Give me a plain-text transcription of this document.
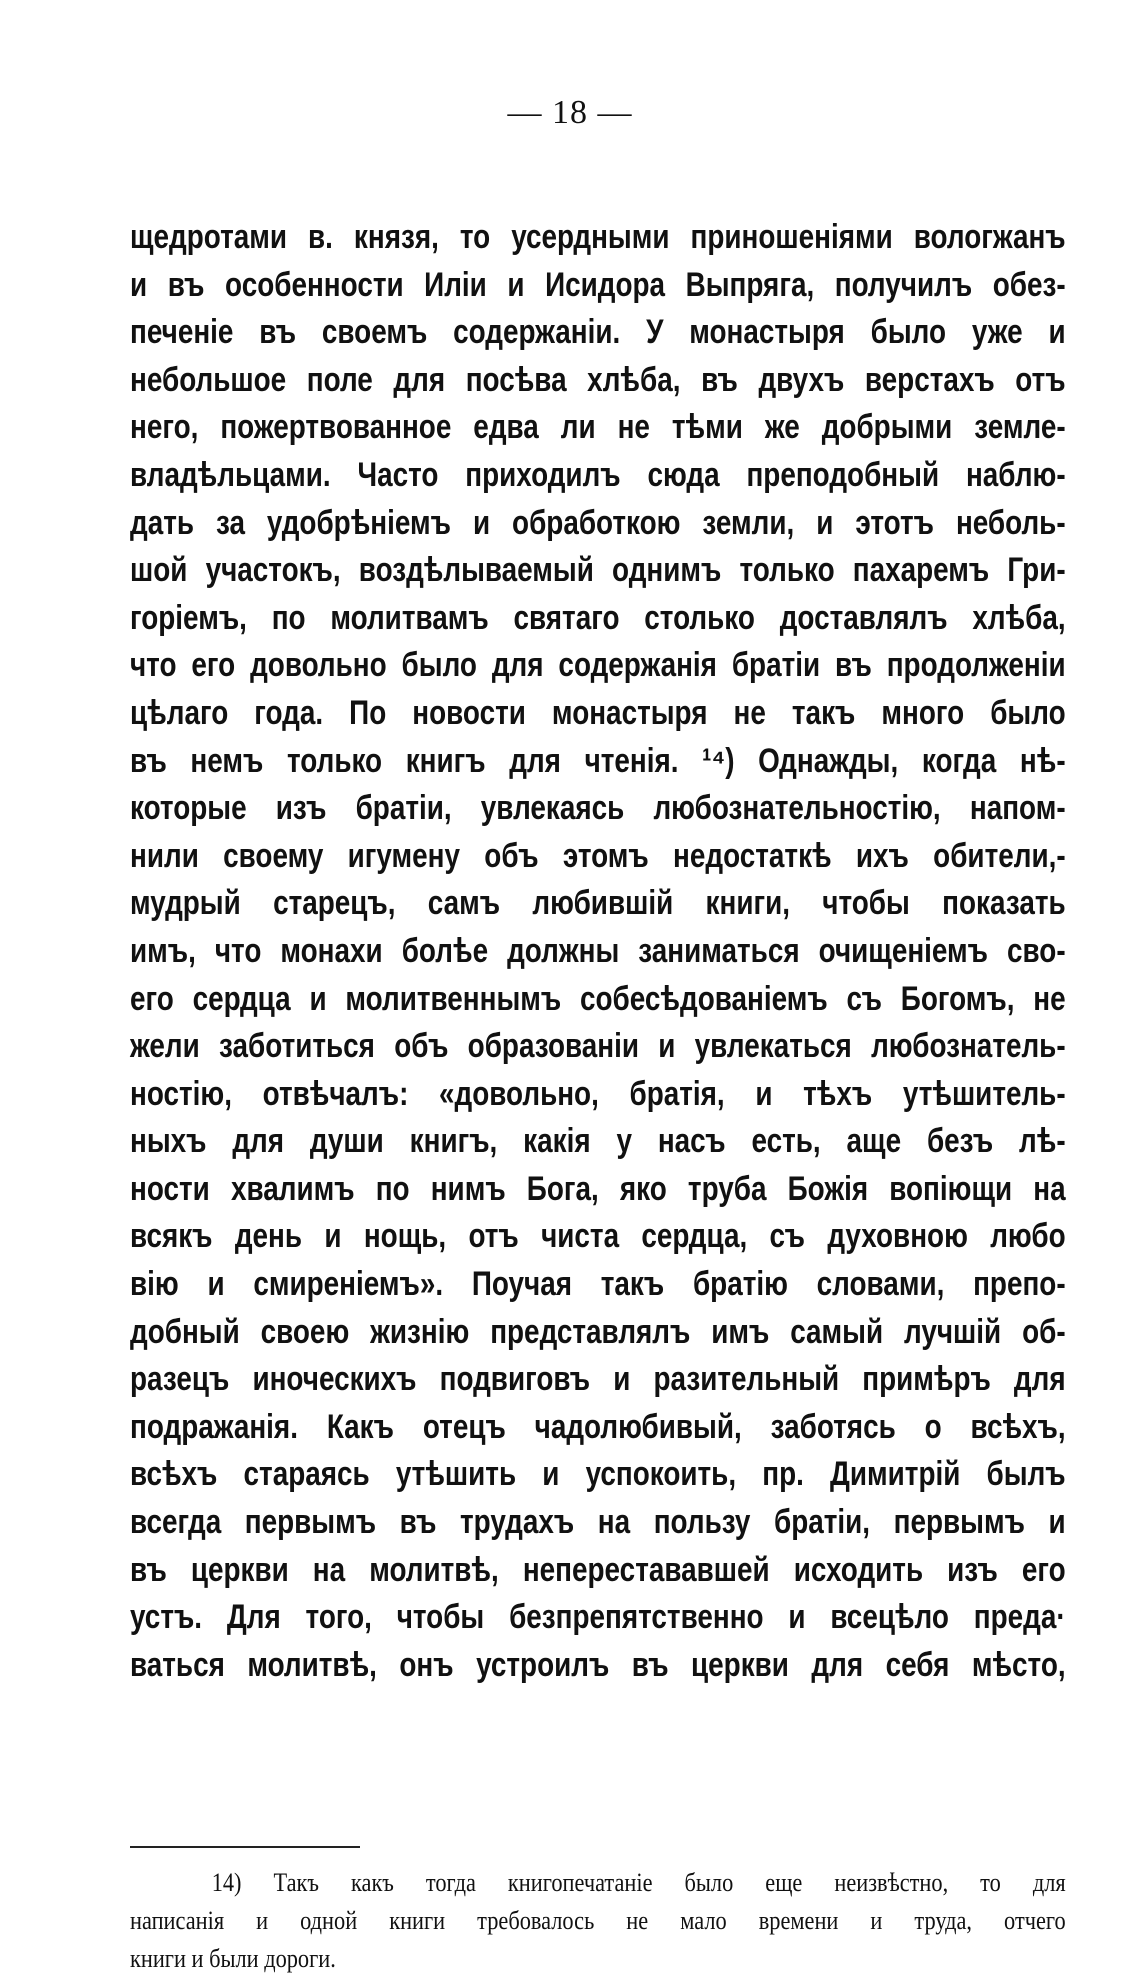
— 18 —
щедротами в. князя, то усердными приношеніями вологжанъ
и въ особенности Иліи и Исидора Выпряга, получилъ обез-
печеніе въ своемъ содержаніи. У монастыря было уже и
небольшое поле для посѣва хлѣба, въ двухъ верстахъ отъ
него, пожертвованное едва ли не тѣми же добрыми земле-
владѣльцами. Часто приходилъ сюда преподобный наблю-
дать за удобрѣніемъ и обработкою земли, и этотъ неболь-
шой участокъ, воздѣлываемый однимъ только пахаремъ Гри-
горіемъ, по молитвамъ святаго столько доставлялъ хлѣба,
что его довольно было для содержанія братіи въ продолженіи
цѣлаго года. По новости монастыря не такъ много было
въ немъ только книгъ для чтенія. ¹⁴) Однажды, когда нѣ-
которые изъ братіи, увлекаясь любознательностію, напом-
нили своему игумену объ этомъ недостаткѣ ихъ обители,-
мудрый старецъ, самъ любившій книги, чтобы показать
имъ, что монахи болѣе должны заниматься очищеніемъ сво-
его сердца и молитвеннымъ собесѣдованіемъ съ Богомъ, не
жели заботиться объ образованіи и увлекаться любознатель-
ностію, отвѣчалъ: «довольно, братія, и тѣхъ утѣшитель-
ныхъ для души книгъ, какія у насъ есть, аще безъ лѣ-
ности хвалимъ по нимъ Бога, яко труба Божія вопіющи на
всякъ день и нощь, отъ чиста сердца, съ духовною любо
вію и смиреніемъ». Поучая такъ братію словами, препо-
добный своею жизнію представлялъ имъ самый лучшій об-
разецъ иноческихъ подвиговъ и разительный примѣръ для
подражанія. Какъ отецъ чадолюбивый, заботясь о всѣхъ,
всѣхъ стараясь утѣшить и успокоить, пр. Димитрій былъ
всегда первымъ въ трудахъ на пользу братіи, первымъ и
въ церкви на молитвѣ, неперестававшей исходить изъ его
устъ. Для того, чтобы безпрепятственно и всецѣло преда·
ваться молитвѣ, онъ устроилъ въ церкви для себя мѣсто,
14) Такъ какъ тогда книгопечатаніе было еще неизвѣстно, то для
написанія и одной книги требовалось не мало времени и труда, отчего
книги и были дороги.
